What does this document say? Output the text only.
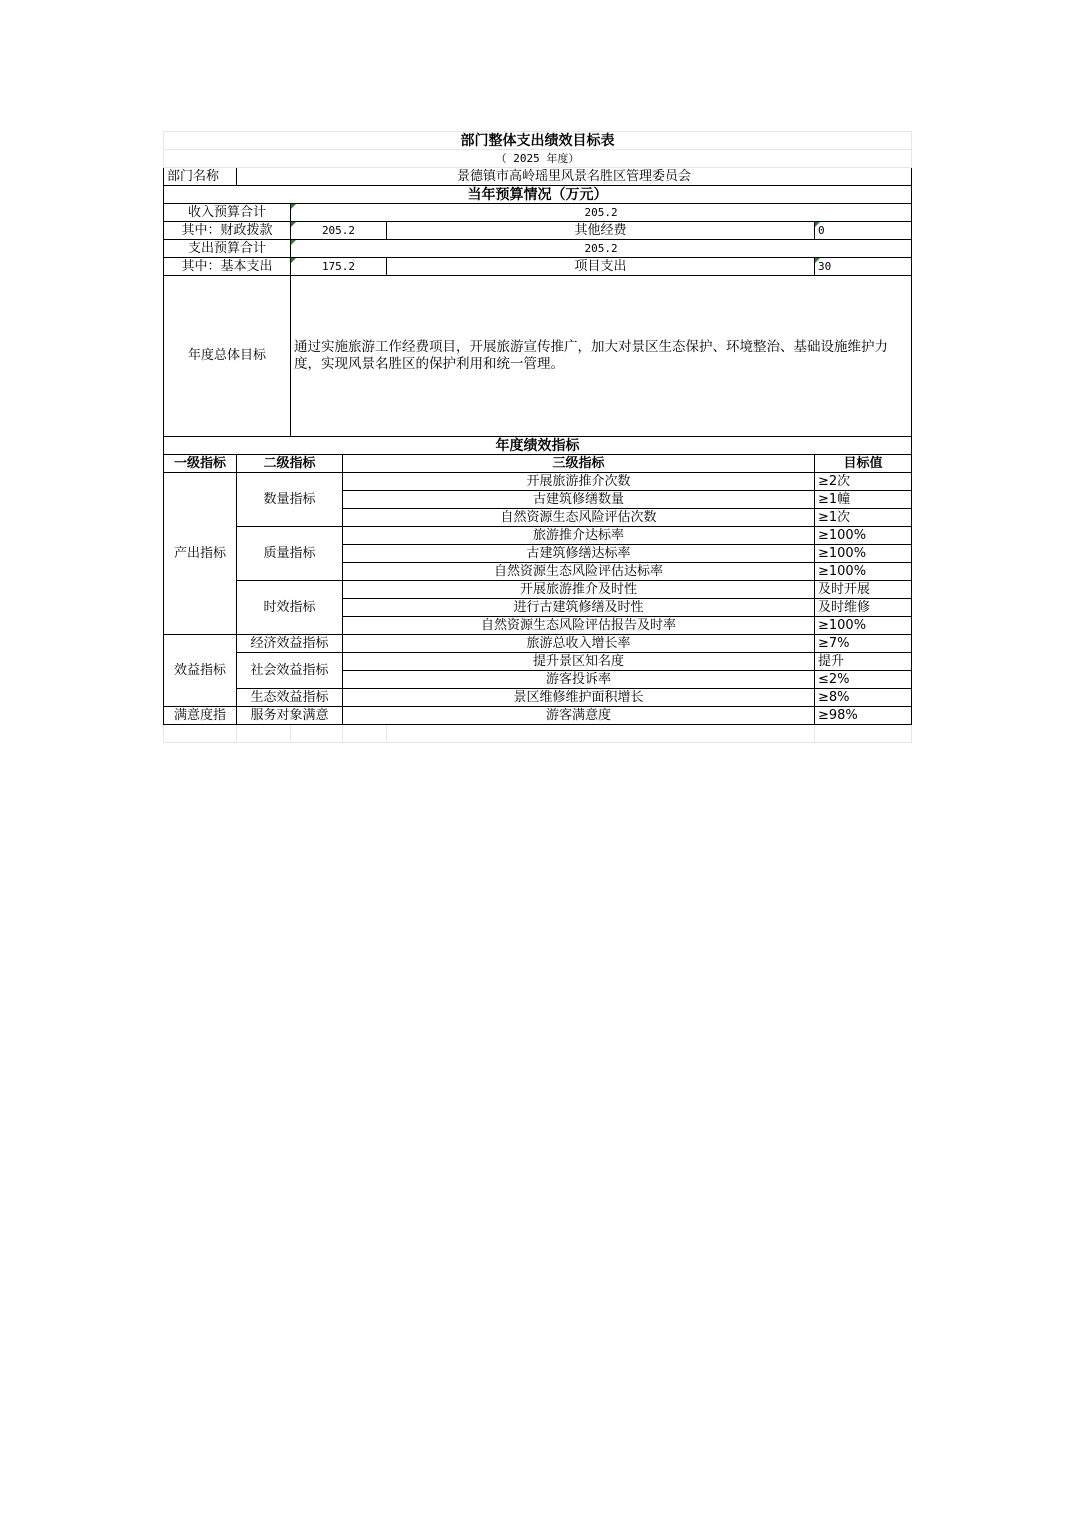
部门整体支出绩效目标表					
（ 2025 年度）					
部门名称	景德镇市高岭瑶里风景名胜区管理委员会				
当年预算情况（万元）					
收入预算合计		205.2			
其中：财政拨款		205.2		其他经费	0
支出预算合计		205.2			
其中：基本支出		175.2		项目支出	30
年度总体目标		通过实施旅游工作经费项目，开展旅游宣传推广，加大对景区生态保护、环境整治、基础设施维护力度，实现风景名胜区的保护利用和统一管理。			
年度绩效指标					
一级指标	二级指标		三级指标		目标值
产出指标	数量指标		开展旅游推介次数		≥2次
			古建筑修缮数量		≥1幢
			自然资源生态风险评估次数		≥1次
	质量指标		旅游推介达标率		≥100%
			古建筑修缮达标率		≥100%
			自然资源生态风险评估达标率		≥100%
	时效指标		开展旅游推介及时性		及时开展
			进行古建筑修缮及时性		及时维修
			自然资源生态风险评估报告及时率		≥100%
效益指标	经济效益指标		旅游总收入增长率		≥7%
	社会效益指标		提升景区知名度		提升
			游客投诉率		≤2%
	生态效益指标		景区维修维护面积增长		≥8%
满意度指	服务对象满意		游客满意度		≥98%
